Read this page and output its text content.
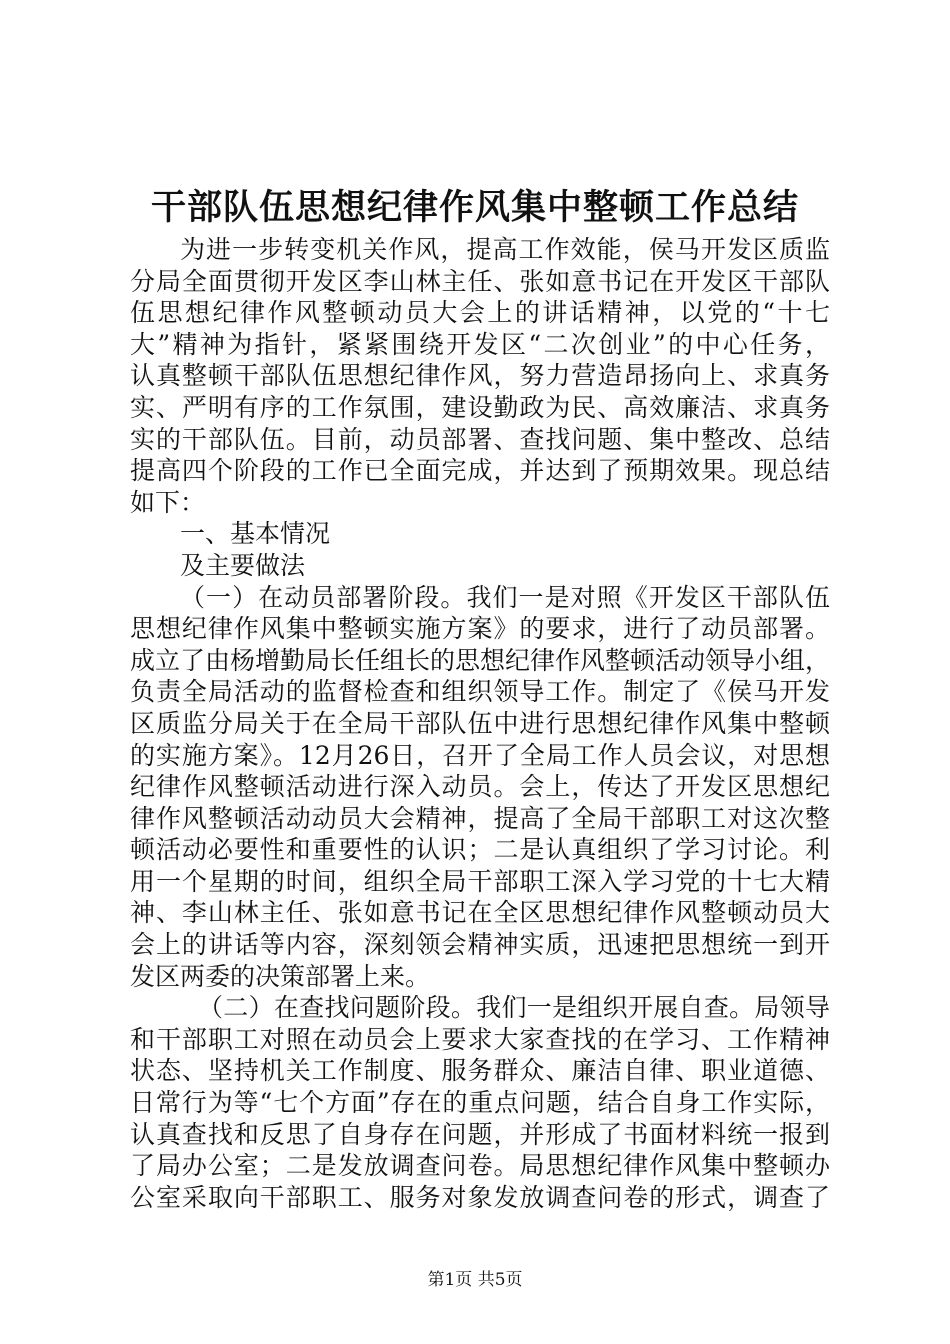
干部队伍思想纪律作风集中整顿工作总结
为进一步转变机关作风，提高工作效能，侯马开发区质监
分局全面贯彻开发区李山林主任、张如意书记在开发区干部队
伍思想纪律作风整顿动员大会上的讲话精神，以党的“十七
大”精神为指针，紧紧围绕开发区“二次创业”的中心任务，
认真整顿干部队伍思想纪律作风，努力营造昂扬向上、求真务
实、严明有序的工作氛围，建设勤政为民、高效廉洁、求真务
实的干部队伍。目前，动员部署、查找问题、集中整改、总结
提高四个阶段的工作已全面完成，并达到了预期效果。现总结
如下：
一、基本情况
及主要做法
（一）在动员部署阶段。我们一是对照《开发区干部队伍
思想纪律作风集中整顿实施方案》的要求，进行了动员部署。
成立了由杨增勤局长任组长的思想纪律作风整顿活动领导小组，
负责全局活动的监督检查和组织领导工作。制定了《侯马开发
区质监分局关于在全局干部队伍中进行思想纪律作风集中整顿
的实施方案》。12月26日，召开了全局工作人员会议，对思想
纪律作风整顿活动进行深入动员。会上，传达了开发区思想纪
律作风整顿活动动员大会精神，提高了全局干部职工对这次整
顿活动必要性和重要性的认识；二是认真组织了学习讨论。利
用一个星期的时间，组织全局干部职工深入学习党的十七大精
神、李山林主任、张如意书记在全区思想纪律作风整顿动员大
会上的讲话等内容，深刻领会精神实质，迅速把思想统一到开
发区两委的决策部署上来。
（二）在查找问题阶段。我们一是组织开展自查。局领导
和干部职工对照在动员会上要求大家查找的在学习、工作精神
状态、坚持机关工作制度、服务群众、廉洁自律、职业道德、
日常行为等“七个方面”存在的重点问题，结合自身工作实际，
认真查找和反思了自身存在问题，并形成了书面材料统一报到
了局办公室；二是发放调查问卷。局思想纪律作风集中整顿办
公室采取向干部职工、服务对象发放调查问卷的形式，调查了
第1页 共5页
